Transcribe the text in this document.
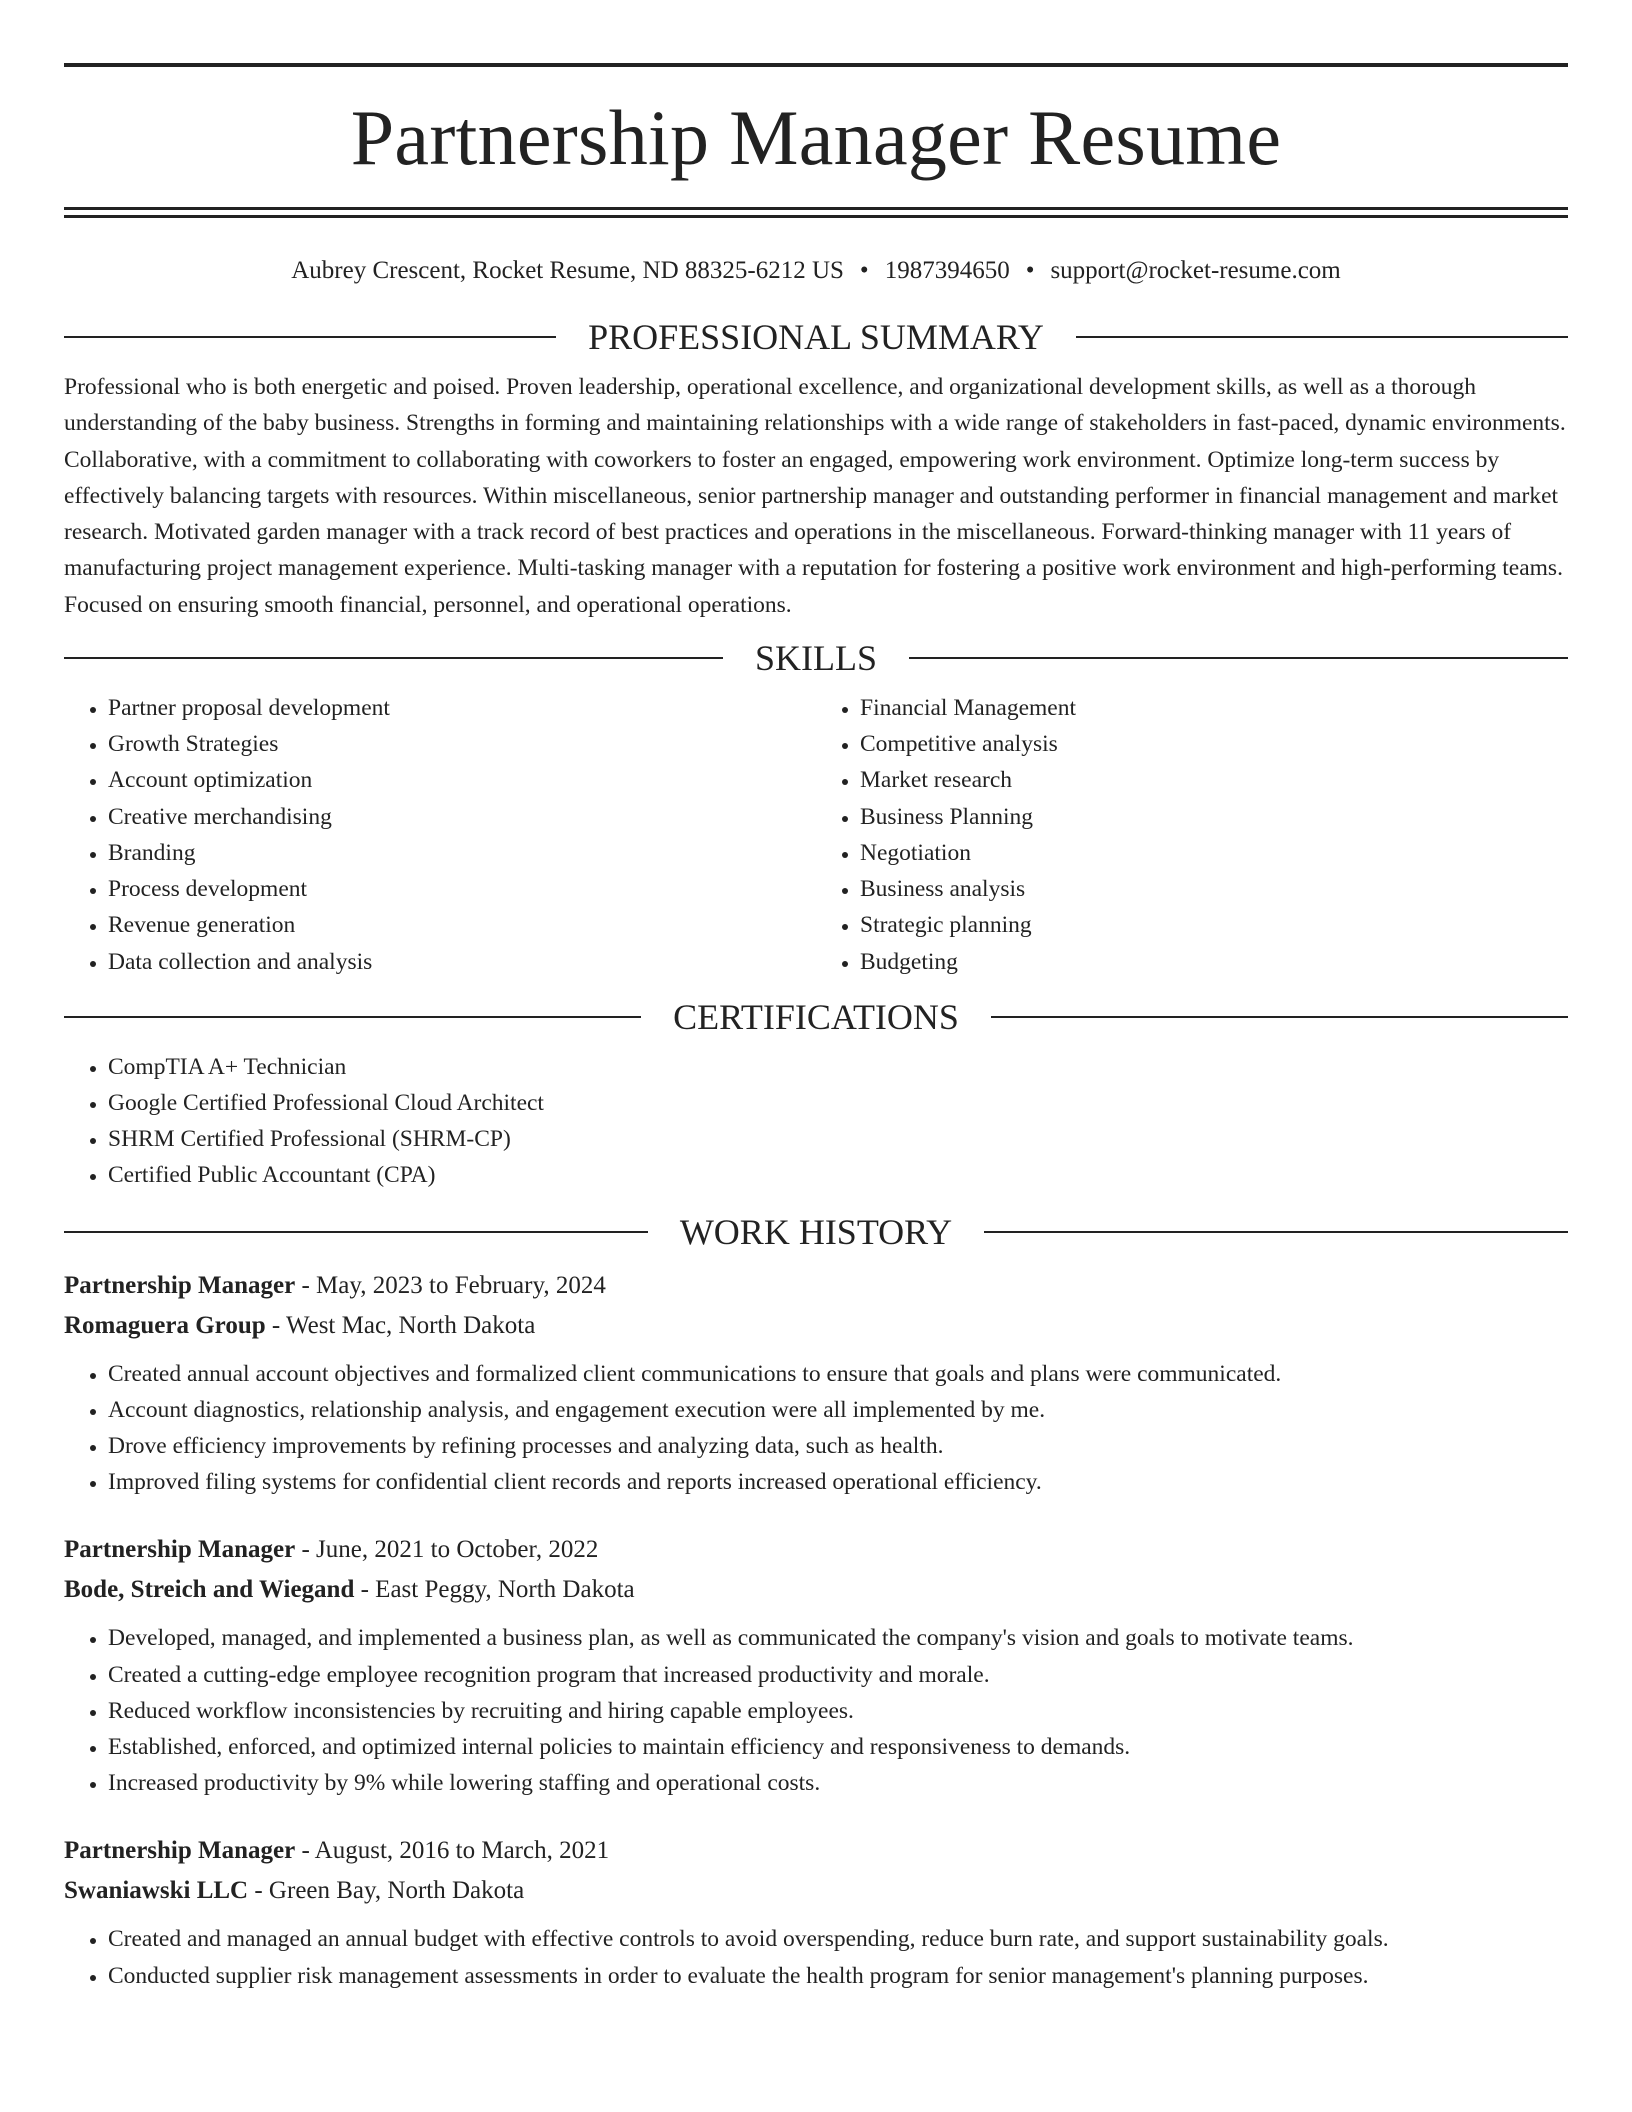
Partnership Manager Resume
Aubrey Crescent, Rocket Resume, ND 88325-6212 US • 1987394650 • support@rocket-resume.com
PROFESSIONAL SUMMARY

Professional who is both energetic and poised. Proven leadership, operational excellence, and organizational development skills, as well as a thorough understanding of the baby business. Strengths in forming and maintaining relationships with a wide range of stakeholders in fast-paced, dynamic environments. Collaborative, with a commitment to collaborating with coworkers to foster an engaged, empowering work environment. Optimize long-term success by effectively balancing targets with resources. Within miscellaneous, senior partnership manager and outstanding performer in financial management and market research. Motivated garden manager with a track record of best practices and operations in the miscellaneous. Forward-thinking manager with 11 years of manufacturing project management experience. Multi-tasking manager with a reputation for fostering a positive work environment and high-performing teams. Focused on ensuring smooth financial, personnel, and operational operations.

SKILLS
• Partner proposal development
• Growth Strategies
• Account optimization
• Creative merchandising
• Branding
• Process development
• Revenue generation
• Data collection and analysis
• Financial Management
• Competitive analysis
• Market research
• Business Planning
• Negotiation
• Business analysis
• Strategic planning
• Budgeting
CERTIFICATIONS
• CompTIA A+ Technician
• Google Certified Professional Cloud Architect
• SHRM Certified Professional (SHRM-CP)
• Certified Public Accountant (CPA)
WORK HISTORY
Partnership Manager - May, 2023 to February, 2024
Romaguera Group - West Mac, North Dakota
• Created annual account objectives and formalized client communications to ensure that goals and plans were communicated.
• Account diagnostics, relationship analysis, and engagement execution were all implemented by me.
• Drove efficiency improvements by refining processes and analyzing data, such as health.
• Improved filing systems for confidential client records and reports increased operational efficiency.
Partnership Manager - June, 2021 to October, 2022
Bode, Streich and Wiegand - East Peggy, North Dakota
• Developed, managed, and implemented a business plan, as well as communicated the company's vision and goals to motivate teams.
• Created a cutting-edge employee recognition program that increased productivity and morale.
• Reduced workflow inconsistencies by recruiting and hiring capable employees.
• Established, enforced, and optimized internal policies to maintain efficiency and responsiveness to demands.
• Increased productivity by 9% while lowering staffing and operational costs.
Partnership Manager - August, 2016 to March, 2021
Swaniawski LLC - Green Bay, North Dakota
• Created and managed an annual budget with effective controls to avoid overspending, reduce burn rate, and support sustainability goals.
• Conducted supplier risk management assessments in order to evaluate the health program for senior management's planning purposes.
